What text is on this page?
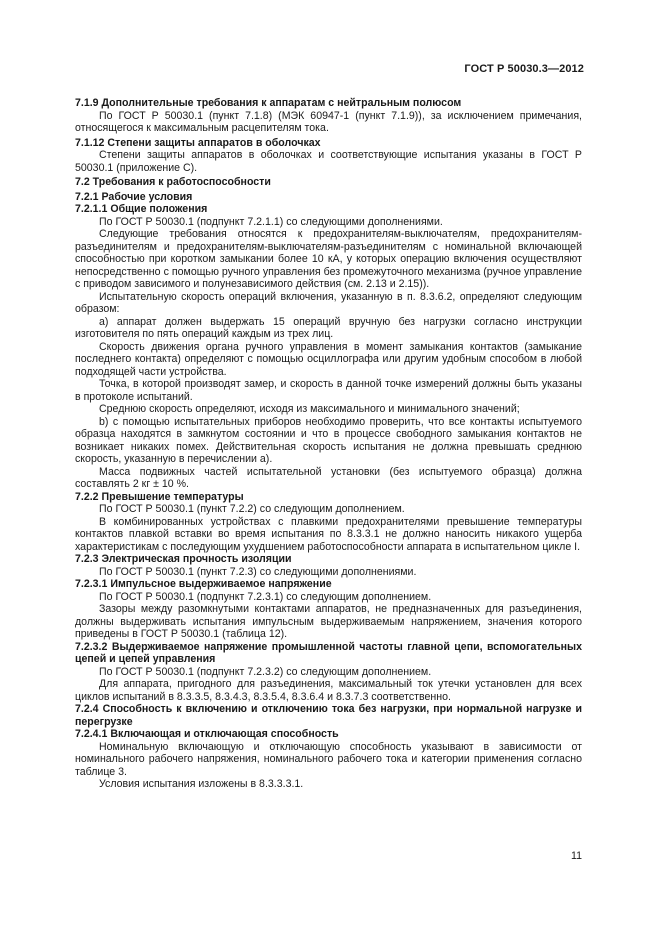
ГОСТ Р 50030.3—2012

7.1.9 Дополнительные требования к аппаратам с нейтральным полюсом

По ГОСТ Р 50030.1 (пункт 7.1.8) (МЭК 60947-1 (пункт 7.1.9)), за исключением примечания, относящегося к максимальным расцепителям тока.

7.1.12 Степени защиты аппаратов в оболочках

Степени защиты аппаратов в оболочках и соответствующие испытания указаны в ГОСТ Р 50030.1 (приложение С).

7.2 Требования к работоспособности

7.2.1 Рабочие условия

7.2.1.1 Общие положения

По ГОСТ Р 50030.1 (подпункт 7.2.1.1) со следующими дополнениями.

Следующие требования относятся к предохранителям-выключателям, предохранителям-разъединителям и предохранителям-выключателям-разъединителям с номинальной включающей способностью при коротком замыкании более 10 кА, у которых операцию включения осуществляют непосредственно с помощью ручного управления без промежуточного механизма (ручное управление с приводом зависимого и полунезависимого действия (см. 2.13 и 2.15)).

Испытательную скорость операций включения, указанную в п. 8.3.6.2, определяют следующим образом:

а) аппарат должен выдержать 15 операций вручную без нагрузки согласно инструкции изготовителя по пять операций каждым из трех лиц.

Скорость движения органа ручного управления в момент замыкания контактов (замыкание последнего контакта) определяют с помощью осциллографа или другим удобным способом в любой подходящей части устройства.

Точка, в которой производят замер, и скорость в данной точке измерений должны быть указаны в протоколе испытаний.

Среднюю скорость определяют, исходя из максимального и минимального значений;

b) с помощью испытательных приборов необходимо проверить, что все контакты испытуемого образца находятся в замкнутом состоянии и что в процессе свободного замыкания контактов не возникает никаких помех. Действительная скорость испытания не должна превышать среднюю скорость, указанную в перечислении а).

Масса подвижных частей испытательной установки (без испытуемого образца) должна составлять 2 кг ± 10 %.

7.2.2 Превышение температуры

По ГОСТ Р 50030.1 (пункт 7.2.2) со следующим дополнением.

В комбинированных устройствах с плавкими предохранителями превышение температуры контактов плавкой вставки во время испытания по 8.3.3.1 не должно наносить никакого ущерба характеристикам с последующим ухудшением работоспособности аппарата в испытательном цикле I.

7.2.3 Электрическая прочность изоляции

По ГОСТ Р 50030.1 (пункт 7.2.3) со следующими дополнениями.

7.2.3.1 Импульсное выдерживаемое напряжение

По ГОСТ Р 50030.1 (подпункт 7.2.3.1) со следующим дополнением.

Зазоры между разомкнутыми контактами аппаратов, не предназначенных для разъединения, должны выдерживать испытания импульсным выдерживаемым напряжением, значения которого приведены в ГОСТ Р 50030.1 (таблица 12).

7.2.3.2 Выдерживаемое напряжение промышленной частоты главной цепи, вспомогательных цепей и цепей управления

По ГОСТ Р 50030.1 (подпункт 7.2.3.2) со следующим дополнением.

Для аппарата, пригодного для разъединения, максимальный ток утечки установлен для всех циклов испытаний в 8.3.3.5, 8.3.4.3, 8.3.5.4, 8.3.6.4 и 8.3.7.3 соответственно.

7.2.4 Способность к включению и отключению тока без нагрузки, при нормальной нагрузке и перегрузке

7.2.4.1 Включающая и отключающая способность

Номинальную включающую и отключающую способность указывают в зависимости от номинального рабочего напряжения, номинального рабочего тока и категории применения согласно таблице 3.

Условия испытания изложены в 8.3.3.3.1.

11
